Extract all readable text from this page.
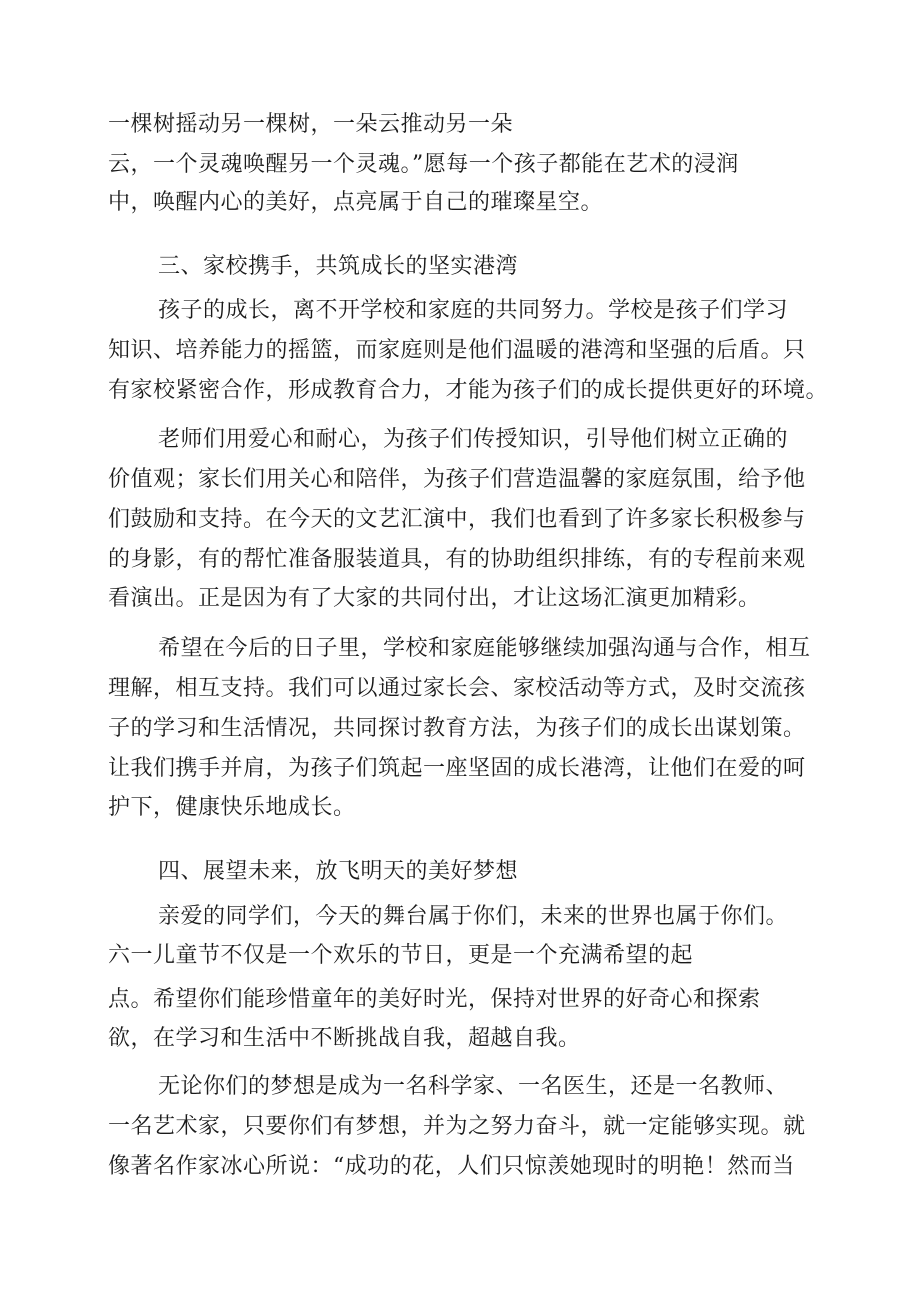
一棵树摇动另一棵树，一朵云推动另一朵
云，一个灵魂唤醒另一个灵魂。”愿每一个孩子都能在艺术的浸润
中，唤醒内心的美好，点亮属于自己的璀璨星空。
三、家校携手，共筑成长的坚实港湾
孩子的成长，离不开学校和家庭的共同努力。学校是孩子们学习
知识、培养能力的摇篮，而家庭则是他们温暖的港湾和坚强的后盾。只
有家校紧密合作，形成教育合力，才能为孩子们的成长提供更好的环境。
老师们用爱心和耐心，为孩子们传授知识，引导他们树立正确的
价值观；家长们用关心和陪伴，为孩子们营造温馨的家庭氛围，给予他
们鼓励和支持。在今天的文艺汇演中，我们也看到了许多家长积极参与
的身影，有的帮忙准备服装道具，有的协助组织排练，有的专程前来观
看演出。正是因为有了大家的共同付出，才让这场汇演更加精彩。
希望在今后的日子里，学校和家庭能够继续加强沟通与合作，相互
理解，相互支持。我们可以通过家长会、家校活动等方式，及时交流孩
子的学习和生活情况，共同探讨教育方法，为孩子们的成长出谋划策。
让我们携手并肩，为孩子们筑起一座坚固的成长港湾，让他们在爱的呵
护下，健康快乐地成长。
四、展望未来，放飞明天的美好梦想
亲爱的同学们，今天的舞台属于你们，未来的世界也属于你们。
六一儿童节不仅是一个欢乐的节日，更是一个充满希望的起
点。希望你们能珍惜童年的美好时光，保持对世界的好奇心和探索
欲，在学习和生活中不断挑战自我，超越自我。
无论你们的梦想是成为一名科学家、一名医生，还是一名教师、
一名艺术家，只要你们有梦想，并为之努力奋斗，就一定能够实现。就
像著名作家冰心所说：“成功的花，人们只惊羡她现时的明艳！然而当
